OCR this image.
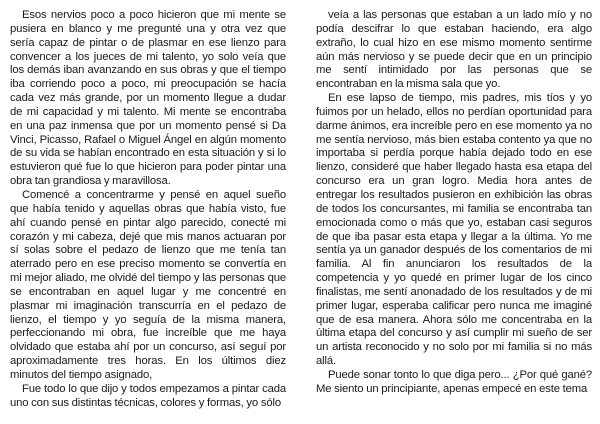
Esos nervios poco a poco hicieron que mi mente se pusiera en blanco y me pregunté una y otra vez que sería capaz de pintar o de plasmar en ese lienzo para convencer a los jueces de mi talento, yo solo veía que los demás iban avanzando en sus obras y que el tiempo iba corriendo poco a poco, mi preocupación se hacía cada vez más grande, por un momento llegue a dudar de mi capacidad y mi talento. Mi mente se encontraba en una paz inmensa que por un momento pensé si Da Vinci, Picasso, Rafael o Miguel Ángel en algún momento de su vida se habían encontrado en esta situación y si lo estuvieron qué fue lo que hicieron para poder pintar una obra tan grandiosa y maravillosa.

Comencé a concentrarme y pensé en aquel sueño que había tenido y aquellas obras que había visto, fue ahí cuando pensé en pintar algo parecido, conecté mi corazón y mi cabeza, dejé que mis manos actuaran por sí solas sobre el pedazo de lienzo que me tenía tan aterrado pero en ese preciso momento se convertía en mi mejor aliado, me olvidé del tiempo y las personas que se encontraban en aquel lugar y me concentré en plasmar mi imaginación transcurría en el pedazo de lienzo, el tiempo y yo seguía de la misma manera, perfeccionando mi obra, fue increíble que me haya olvidado que estaba ahí por un concurso, así seguí por aproximadamente tres horas. En los últimos diez minutos del tiempo asignado,

Fue todo lo que dijo y todos empezamos a pintar cada uno con sus distintas técnicas, colores y formas, yo sólo

veía a las personas que estaban a un lado mío y no podía descifrar lo que estaban haciendo, era algo extraño, lo cual hizo en ese mismo momento sentirme aún más nervioso y se puede decir que en un principio me sentí intimidado por las personas que se encontraban en la misma sala que yo.

En ese lapso de tiempo, mis padres, mis tíos y yo fuimos por un helado, ellos no perdían oportunidad para darme ánimos, era increíble pero en ese momento ya no me sentía nervioso, más bien estaba contento ya que no importaba si perdía porque había dejado todo en ese lienzo, consideré que haber llegado hasta esa etapa del concurso era un gran logro. Media hora antes de entregar los resultados pusieron en exhibición las obras de todos los concursantes, mi familia se encontraba tan emocionada como o más que yo, estaban casi seguros de que iba pasar esta etapa y llegar a la última. Yo me sentía ya un ganador después de los comentarios de mi familia. Al fin anunciaron los resultados de la competencia y yo quedé en primer lugar de los cinco finalistas, me sentí anonadado de los resultados y de mi primer lugar, esperaba calificar pero nunca me imaginé que de esa manera. Ahora sólo me concentraba en la última etapa del concurso y así cumplir mi sueño de ser un artista reconocido y no solo por mi familia si no más allá.

Puede sonar tonto lo que diga pero... ¿Por qué gané? Me siento un principiante, apenas empecé en este tema
